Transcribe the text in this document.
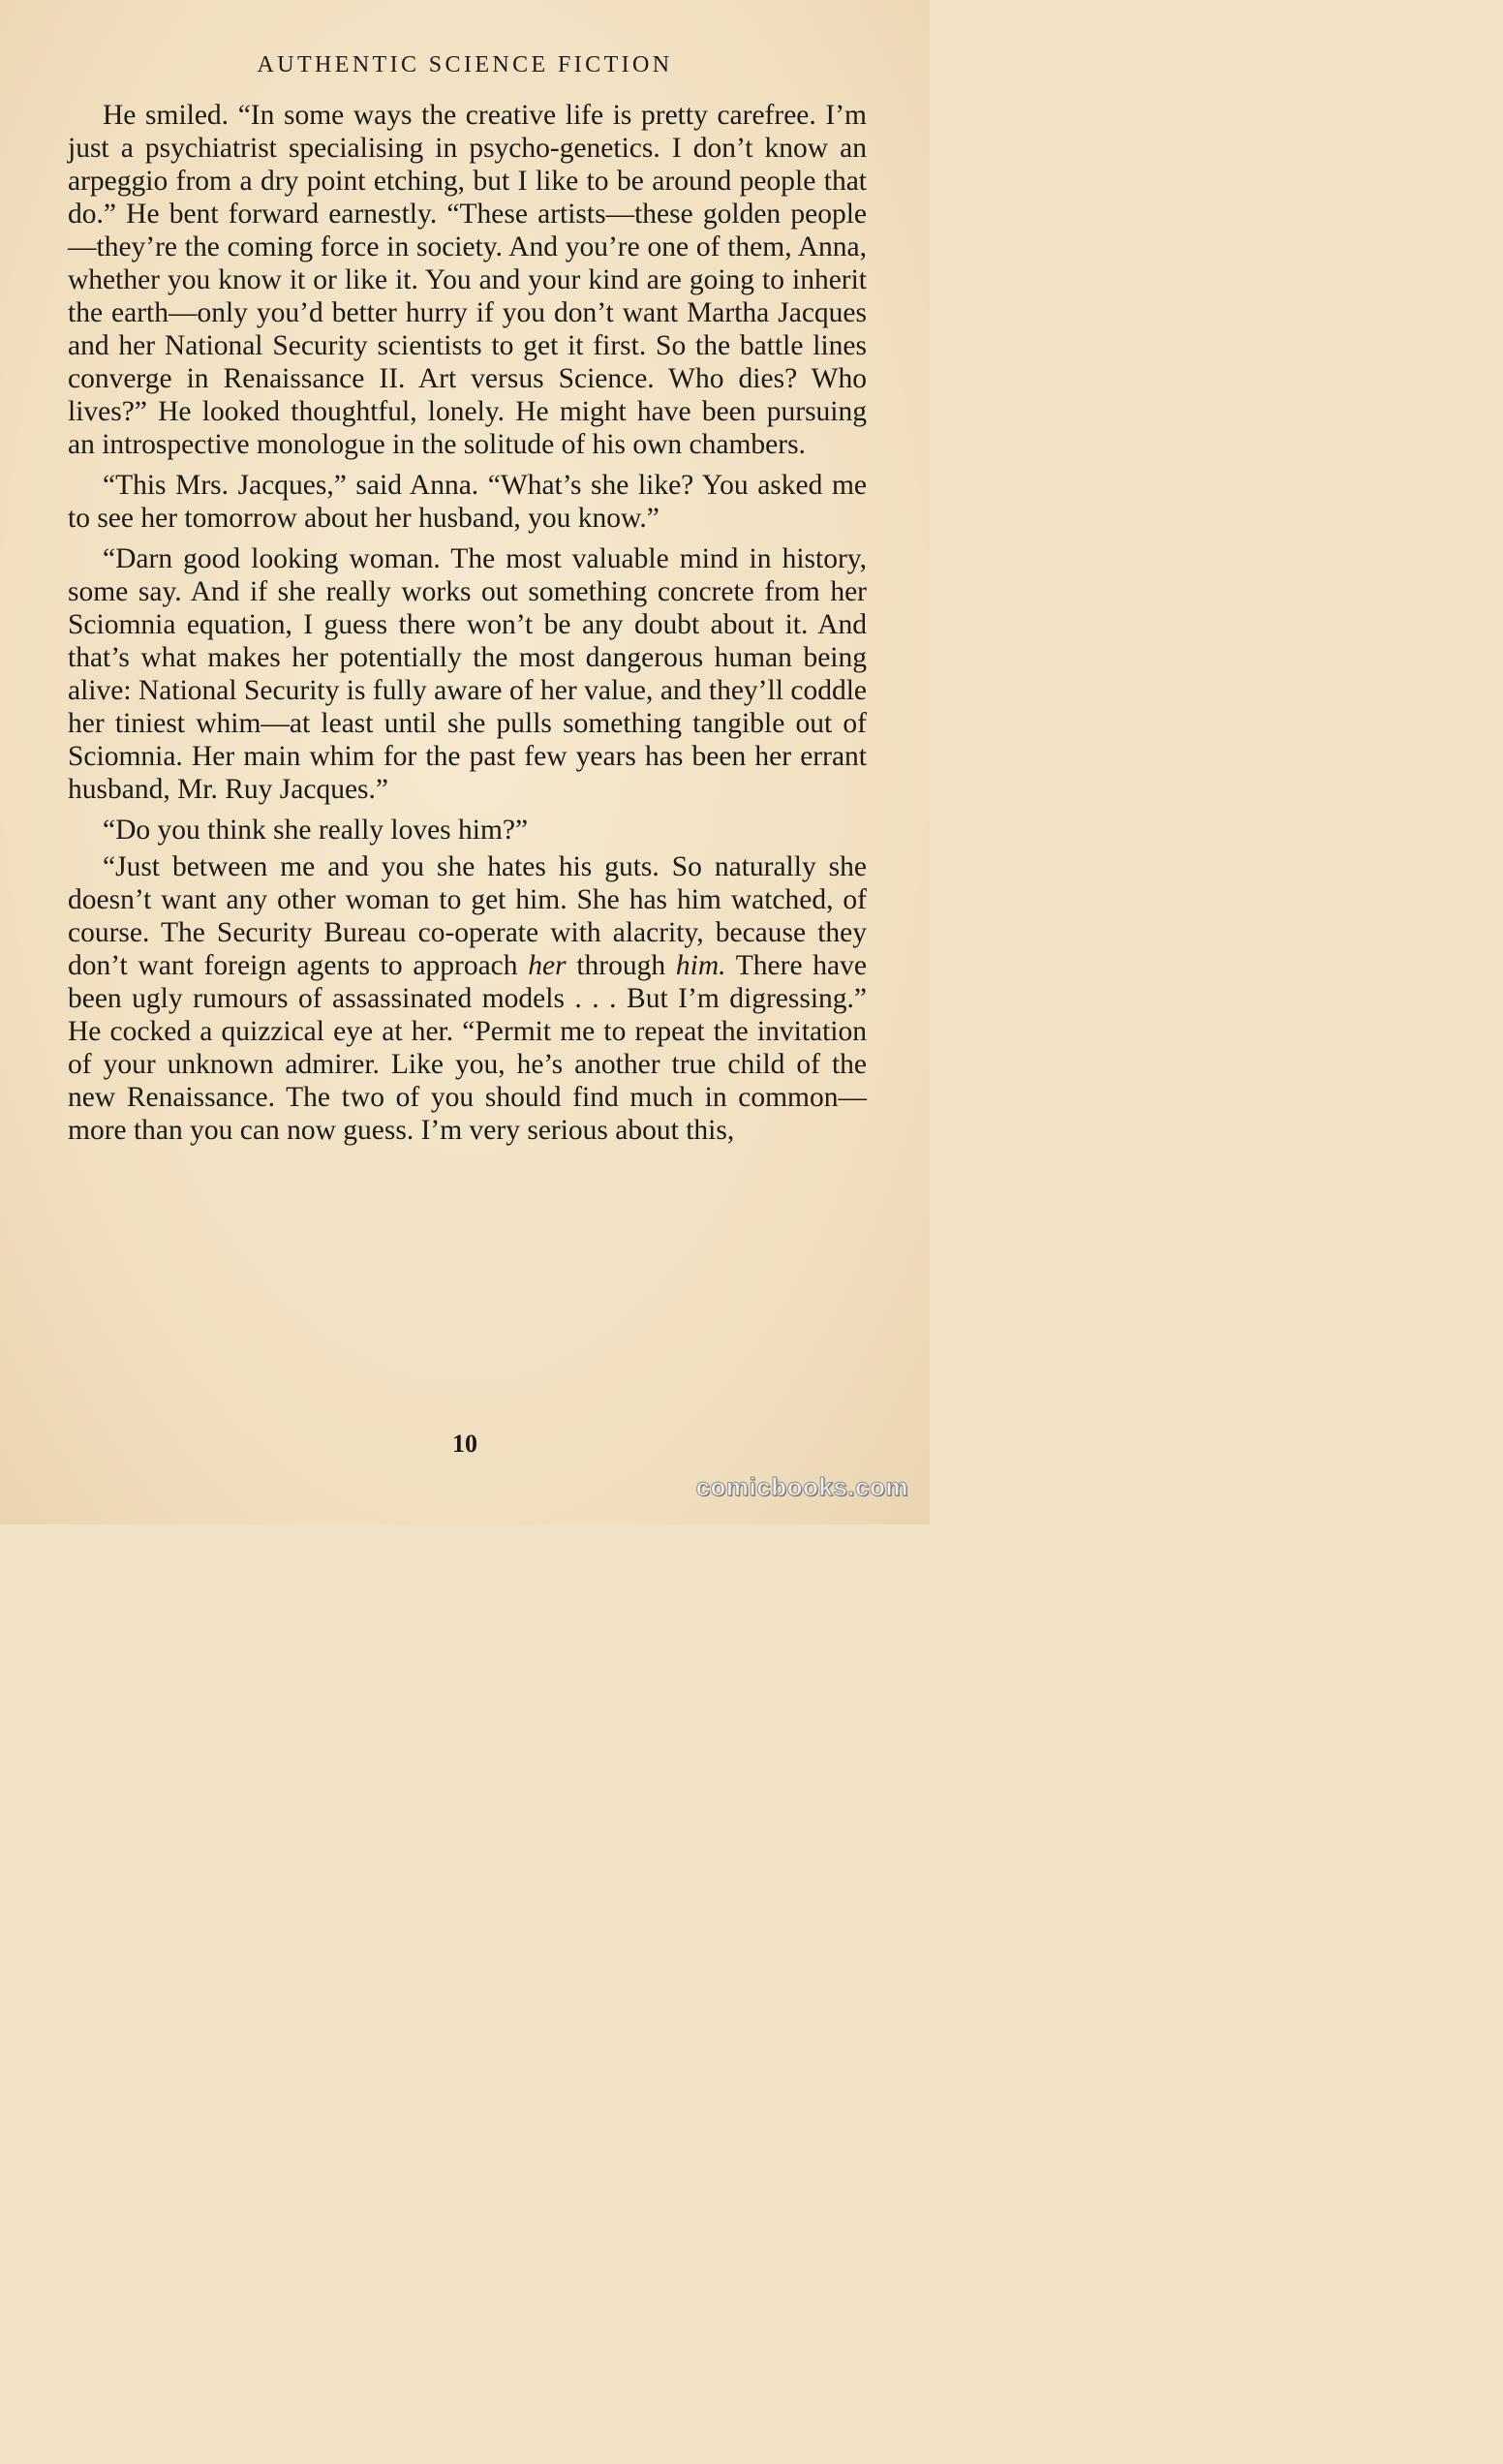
AUTHENTIC SCIENCE FICTION

He smiled. “In some ways the creative life is pretty carefree. I’m just a psychiatrist specialising in psycho-genetics. I don’t know an arpeggio from a dry point etching, but I like to be around people that do.” He bent forward earnestly. “These artists—these golden people—they’re the coming force in society. And you’re one of them, Anna, whether you know it or like it. You and your kind are going to inherit the earth—only you’d better hurry if you don’t want Martha Jacques and her National Security scientists to get it first. So the battle lines converge in Renaissance II. Art versus Science. Who dies? Who lives?” He looked thoughtful, lonely. He might have been pursuing an introspective monologue in the solitude of his own chambers.

“This Mrs. Jacques,” said Anna. “What’s she like? You asked me to see her tomorrow about her husband, you know.”

“Darn good looking woman. The most valuable mind in history, some say. And if she really works out something concrete from her Sciomnia equation, I guess there won’t be any doubt about it. And that’s what makes her potentially the most dangerous human being alive: National Security is fully aware of her value, and they’ll coddle her tiniest whim—at least until she pulls something tangible out of Sciomnia. Her main whim for the past few years has been her errant husband, Mr. Ruy Jacques.”

“Do you think she really loves him?”

“Just between me and you she hates his guts. So naturally she doesn’t want any other woman to get him. She has him watched, of course. The Security Bureau co-operate with alacrity, because they don’t want foreign agents to approach her through him. There have been ugly rumours of assassinated models . . . But I’m digressing.” He cocked a quizzical eye at her. “Permit me to repeat the invitation of your unknown admirer. Like you, he’s another true child of the new Renaissance. The two of you should find much in common—more than you can now guess. I’m very serious about this,

10
comicbooks.com
